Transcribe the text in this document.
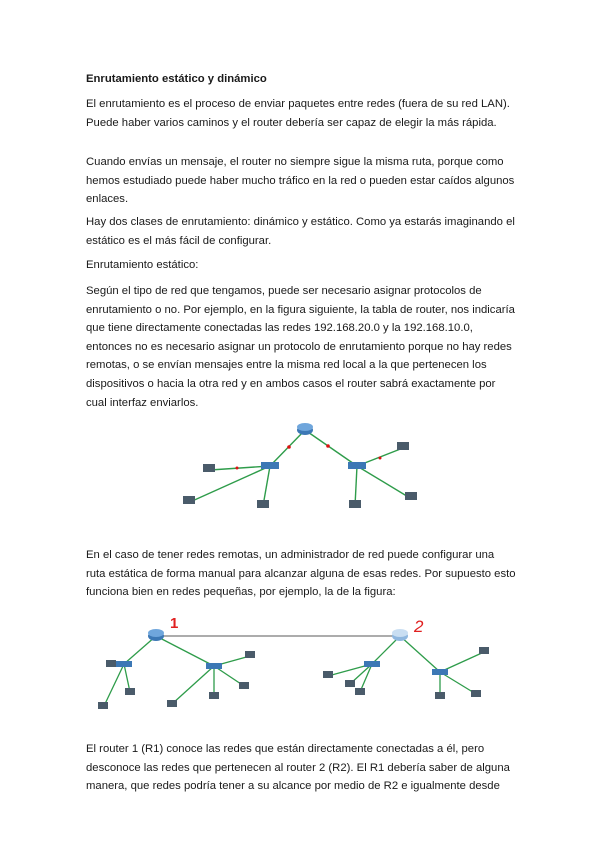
Enrutamiento estático y dinámico

El enrutamiento es el proceso de enviar paquetes entre redes (fuera de su red LAN). Puede haber varios caminos y el router debería ser capaz de elegir la más rápida.

Cuando envías un mensaje, el router no siempre sigue la misma ruta, porque como hemos estudiado puede haber mucho tráfico en la red o pueden estar caídos algunos enlaces.

Hay dos clases de enrutamiento: dinámico y estático. Como ya estarás imaginando el estático es el más fácil de configurar.

Enrutamiento estático:

Según el tipo de red que tengamos, puede ser necesario asignar protocolos de enrutamiento o no. Por ejemplo, en la figura siguiente, la tabla de router, nos indicaría que tiene directamente conectadas las redes 192.168.20.0 y la 192.168.10.0, entonces no es necesario asignar un protocolo de enrutamiento porque no hay redes remotas, o se envían mensajes entre la misma red local a la que pertenecen los dispositivos o hacia la otra red y en ambos casos el router sabrá exactamente por cual interfaz enviarlos.

En el caso de tener redes remotas, un administrador de red puede configurar una ruta estática de forma manual para alcanzar alguna de esas redes. Por supuesto esto funciona bien en redes pequeñas, por ejemplo, la de la figura:

1	2

El router 1 (R1) conoce las redes que están directamente conectadas a él, pero desconoce las redes que pertenecen al router 2 (R2). El R1 debería saber de alguna manera, que redes podría tener a su alcance por medio de R2 e igualmente desde
